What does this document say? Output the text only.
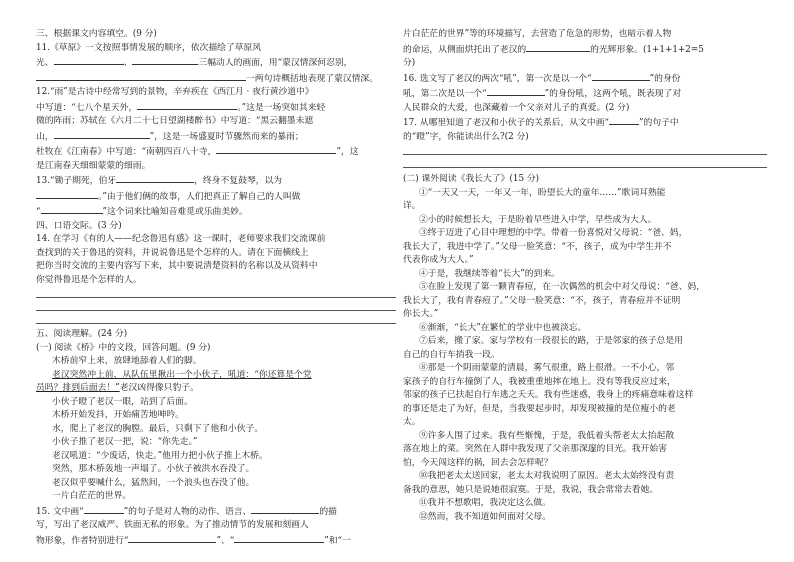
三、根据课文内容填空。(9 分)
11.《草原》一文按照事情发展的顺序，依次描绘了草原风
光、	、	三幅动人的画面，用“蒙汉情深何忍别，
一两句诗概括地表现了蒙汉情深。
12.“雨”是古诗中经常写到的景物，辛弃疾在《西江月 · 夜行黄沙道中》
中写道：“七八个星天外，	。”这是一场突如其来轻
微的阵雨；苏轼在《六月二十七日望湖楼醉书》中写道：“黑云翻墨未遮
山，	”，这是一场盛夏时节骤然而来的暴雨；
杜牧在《江南春》中写道：“南朝四百八十寺，	”，这
是江南春天细细蒙蒙的细雨。
13.“锄子期死，伯牙	，终身不复鼓琴，以为
。”由于他们俩的故事，人们把真正了解自己的人叫做
“	”这个词来比喻知音难觅或乐曲美妙。
四、口语交际。(3 分)
14. 在学习《有的人——纪念鲁迅有感》这一课时，老师要求我们交流课前
查找到的关于鲁迅的资料，并说说鲁迅是个怎样的人。请在下面横线上
把你当时交流的主要内容写下来，其中要说清楚资料的名称以及从资料中
你觉得鲁迅是个怎样的人。
五、阅读理解。(24 分)
(一) 阅读《桥》中的文段，回答问题。(9 分)
木桥前窄上来，放肆地舔着人们的脚。
老汉突然冲上前，从队伍里揪出一个小伙子，吼道：“你还算是个党
员吗？排到后面去！”老汉凶得像只豹子。
小伙子瞪了老汉一眼，站到了后面。
木桥开始发抖，开始痛苦地呻吟。
水，爬上了老汉的胸膛。最后，只剩下了他和小伙子。
小伙子推了老汉一把，说：“你先走。”
老汉吼道：“少废话，快走。”他用力把小伙子推上木桥。
突然，那木桥轰地一声塌了。小伙子被洪水吞没了。
老汉似乎要喊什么，猛然间，一个浪头也吞没了他。
一片白茫茫的世界。
15. 文中画“	”的句子是对人物的动作、语言、	的描
写，写出了老汉威严、铁面无私的形象。为了推动情节的发展和刻画人
物形象，作者特别进行“	”、“	”和“一
片白茫茫的世界”等的环境描写，去营造了危急的形势，也暗示着人物
的命运，从侧面烘托出了老汉的	的光辉形象。(1+1+1+2=5
分)
16. 选文写了老汉的两次“吼”，第一次是以一个“	”的身份
吼，第二次是以一个“	”的身份吼，这两个吼，既表现了对
人民群众的大爱，也深藏着一个父亲对儿子的真爱。(2 分)
17. 从哪里知道了老汉和小伙子的关系后，从文中画“	”的句子中
的“瞪”字，你能读出什么?(2 分)
(二) 课外阅读《我长大了》(15 分)
①“一天又一天，一年又一年，盼望长大的童年……”歌词耳熟能
详。
②小的时候想长大，于是盼着早些进入中学，早些成为大人。
③终于迈进了心目中理想的中学。带着一份喜悦对父母说：“爸、妈，
我长大了，我进中学了。”父母一脸笑意：“不，孩子，成为中学生并不
代表你成为大人。”
④于是，我继续等着“长大”的到来。
⑤在脸上发现了第一颗青春痘，在一次偶然的机会中对父母说：“爸、妈，
我长大了，我有青春痘了。”父母一脸笑意：“不，孩子，青春痘并不证明
你长大。”
⑥渐渐，“长大”在繁忙的学业中也被淡忘。
⑦后来，搬了家。家与学校有一段很长的路，于是邻家的孩子总是用
自己的自行车捎我一段。
⑧那是一个阴雨蒙蒙的清晨，雾气很重，路上很滑。一不小心，邻
家孩子的自行车撞倒了人，我被重重地摔在地上。没有等我反应过来，
邻家的孩子已扶起自行车逃之夭夭。我有些迷惑，我身上的疼痛意味着这样
的事还是走了为好，但是，当我要起步时，却发现被撞的是位瘦小的老
太。
⑨许多人围了过来。我有些惭愧，于是，我低着头帮老太太抬起散
落在地上的菜。突然在人群中我发现了父亲那深邃的目光。我开始害
怕，今天闯这样的祸，回去会怎样呢？
⑩我把老太太送回家，老太太对我说明了原因。老太太始终没有责
备我的意思，她只是说她很寂寞。于是，我说，我会常常去看她。
⑪我并不想歌唱，我决定这么做。
⑫然而，我不知道如何面对父母。
